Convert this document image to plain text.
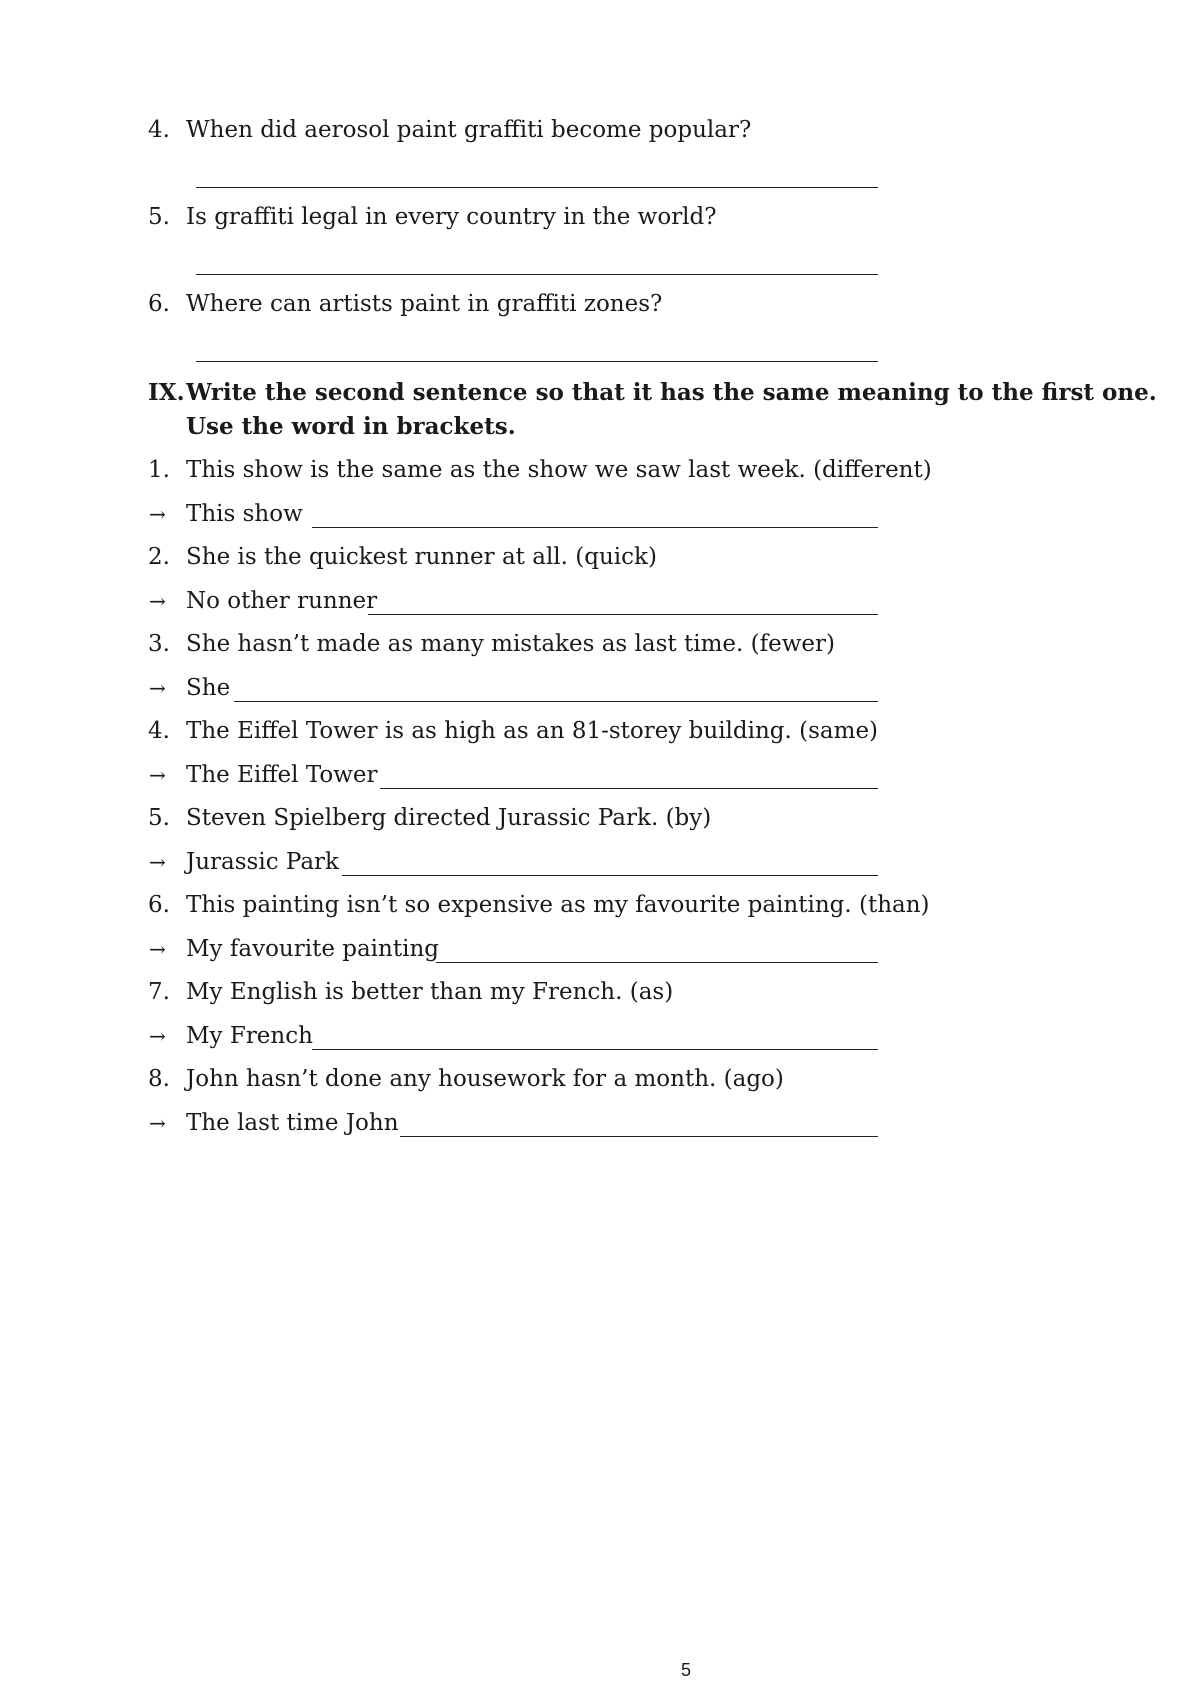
4. When did aerosol paint graffiti become popular?
5. Is graffiti legal in every country in the world?
6. Where can artists paint in graffiti zones?
IX. Write the second sentence so that it has the same meaning to the first one.
Use the word in brackets.
1. This show is the same as the show we saw last week. (different)
→ This show
2. She is the quickest runner at all. (quick)
→ No other runner
3. She hasn’t made as many mistakes as last time. (fewer)
→ She
4. The Eiffel Tower is as high as an 81-storey building. (same)
→ The Eiffel Tower
5. Steven Spielberg directed Jurassic Park. (by)
→ Jurassic Park
6. This painting isn’t so expensive as my favourite painting. (than)
→ My favourite painting
7. My English is better than my French. (as)
→ My French
8. John hasn’t done any housework for a month. (ago)
→ The last time John
5
